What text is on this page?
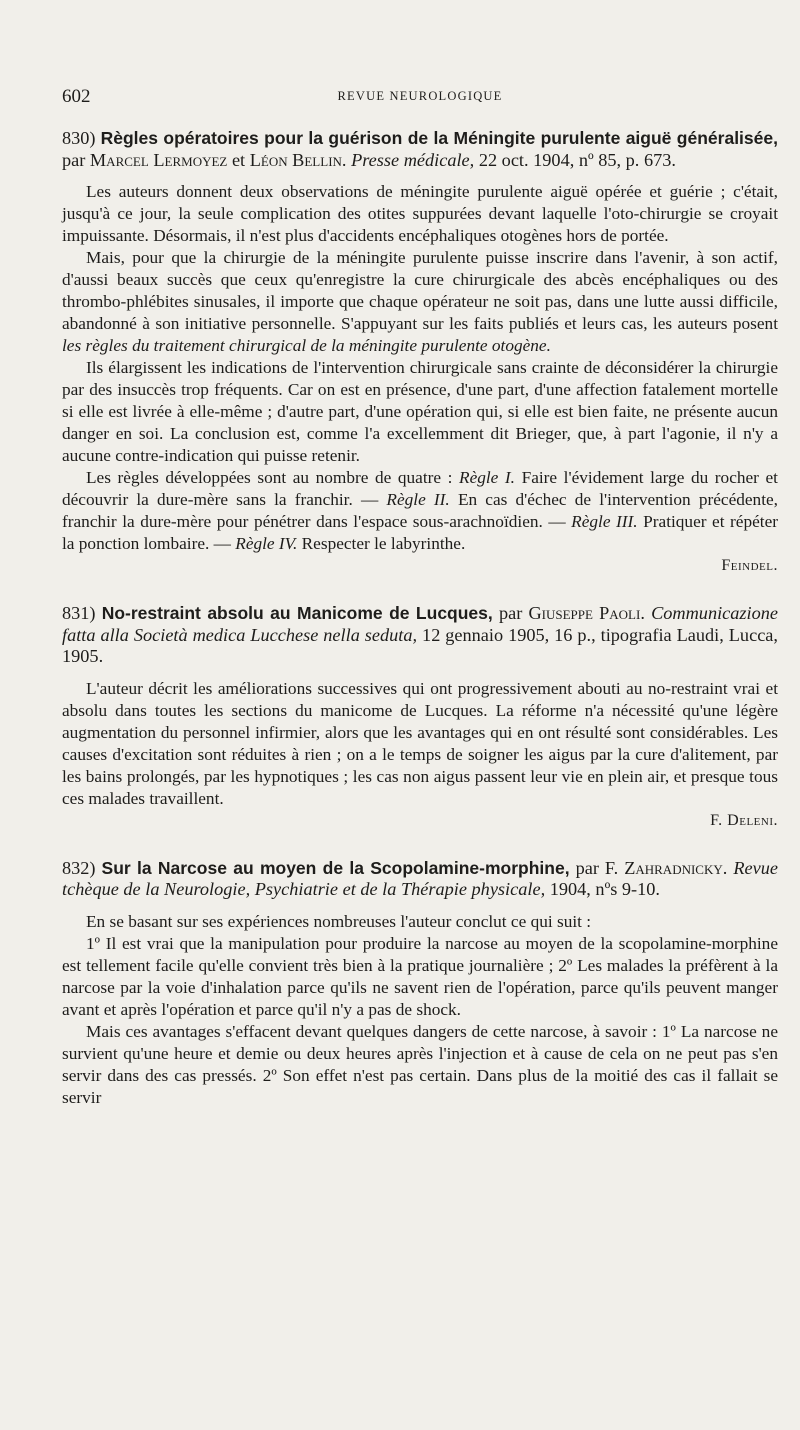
602	REVUE NEUROLOGIQUE

830) Règles opératoires pour la guérison de la Méningite purulente aiguë généralisée, par Marcel Lermoyez et Léon Bellin. Presse médicale, 22 oct. 1904, nº 85, p. 673.

Les auteurs donnent deux observations de méningite purulente aiguë opérée et guérie ; c'était, jusqu'à ce jour, la seule complication des otites suppurées devant laquelle l'oto-chirurgie se croyait impuissante. Désormais, il n'est plus d'accidents encéphaliques otogènes hors de portée.

Mais, pour que la chirurgie de la méningite purulente puisse inscrire dans l'avenir, à son actif, d'aussi beaux succès que ceux qu'enregistre la cure chirurgicale des abcès encéphaliques ou des thrombo-phlébites sinusales, il importe que chaque opérateur ne soit pas, dans une lutte aussi difficile, abandonné à son initiative personnelle. S'appuyant sur les faits publiés et leurs cas, les auteurs posent les règles du traitement chirurgical de la méningite purulente otogène.

Ils élargissent les indications de l'intervention chirurgicale sans crainte de déconsidérer la chirurgie par des insuccès trop fréquents. Car on est en présence, d'une part, d'une affection fatalement mortelle si elle est livrée à elle-même ; d'autre part, d'une opération qui, si elle est bien faite, ne présente aucun danger en soi. La conclusion est, comme l'a excellemment dit Brieger, que, à part l'agonie, il n'y a aucune contre-indication qui puisse retenir.

Les règles développées sont au nombre de quatre : Règle I. Faire l'évidement large du rocher et découvrir la dure-mère sans la franchir. — Règle II. En cas d'échec de l'intervention précédente, franchir la dure-mère pour pénétrer dans l'espace sous-arachnoïdien. — Règle III. Pratiquer et répéter la ponction lombaire. — Règle IV. Respecter le labyrinthe.

Feindel.

831) No-restraint absolu au Manicome de Lucques, par Giuseppe Paoli. Communicazione fatta alla Società medica Lucchese nella seduta, 12 gennaio 1905, 16 p., tipografia Laudi, Lucca, 1905.

L'auteur décrit les améliorations successives qui ont progressivement abouti au no-restraint vrai et absolu dans toutes les sections du manicome de Lucques. La réforme n'a nécessité qu'une légère augmentation du personnel infirmier, alors que les avantages qui en ont résulté sont considérables. Les causes d'excitation sont réduites à rien ; on a le temps de soigner les aigus par la cure d'alitement, par les bains prolongés, par les hypnotiques ; les cas non aigus passent leur vie en plein air, et presque tous ces malades travaillent.

F. Deleni.

832) Sur la Narcose au moyen de la Scopolamine-morphine, par F. Zahradnicky. Revue tchèque de la Neurologie, Psychiatrie et de la Thérapie physicale, 1904, nºs 9-10.

En se basant sur ses expériences nombreuses l'auteur conclut ce qui suit :

1º Il est vrai que la manipulation pour produire la narcose au moyen de la scopolamine-morphine est tellement facile qu'elle convient très bien à la pratique journalière ; 2º Les malades la préfèrent à la narcose par la voie d'inhalation parce qu'ils ne savent rien de l'opération, parce qu'ils peuvent manger avant et après l'opération et parce qu'il n'y a pas de shock.

Mais ces avantages s'effacent devant quelques dangers de cette narcose, à savoir : 1º La narcose ne survient qu'une heure et demie ou deux heures après l'injection et à cause de cela on ne peut pas s'en servir dans des cas pressés. 2º Son effet n'est pas certain. Dans plus de la moitié des cas il fallait se servir
